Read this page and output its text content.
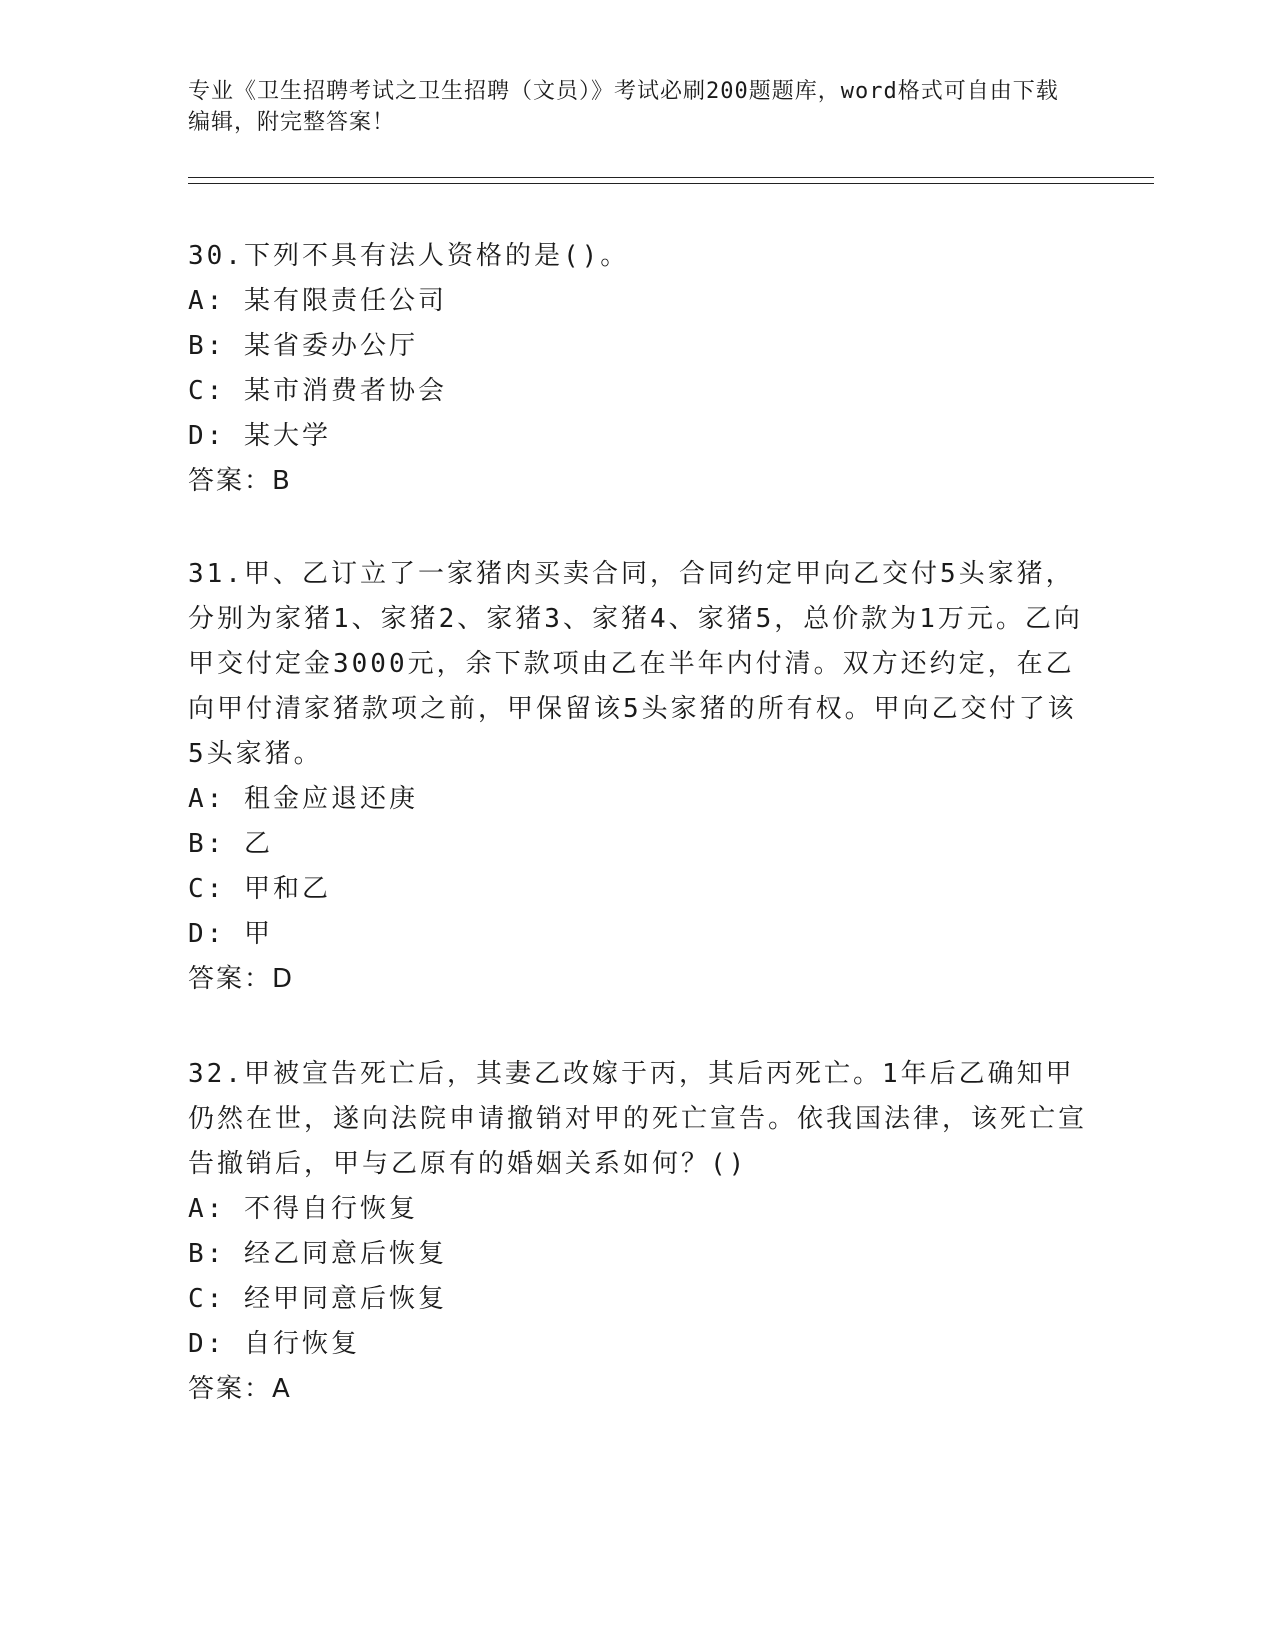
专业《卫生招聘考试之卫生招聘（文员）》考试必刷200题题库，word格式可自由下载编辑，附完整答案！

30.下列不具有法人资格的是()。

A: 某有限责任公司

B: 某省委办公厅

C: 某市消费者协会

D: 某大学

答案：B

31.甲、乙订立了一家猪肉买卖合同，合同约定甲向乙交付5头家猪，分别为家猪1、家猪2、家猪3、家猪4、家猪5，总价款为1万元。乙向甲交付定金3000元，余下款项由乙在半年内付清。双方还约定，在乙向甲付清家猪款项之前，甲保留该5头家猪的所有权。甲向乙交付了该5头家猪。

A: 租金应退还庚

B: 乙

C: 甲和乙

D: 甲

答案：D

32.甲被宣告死亡后，其妻乙改嫁于丙，其后丙死亡。1年后乙确知甲仍然在世，遂向法院申请撤销对甲的死亡宣告。依我国法律，该死亡宣告撤销后，甲与乙原有的婚姻关系如何？()

A: 不得自行恢复

B: 经乙同意后恢复

C: 经甲同意后恢复

D: 自行恢复

答案：A
